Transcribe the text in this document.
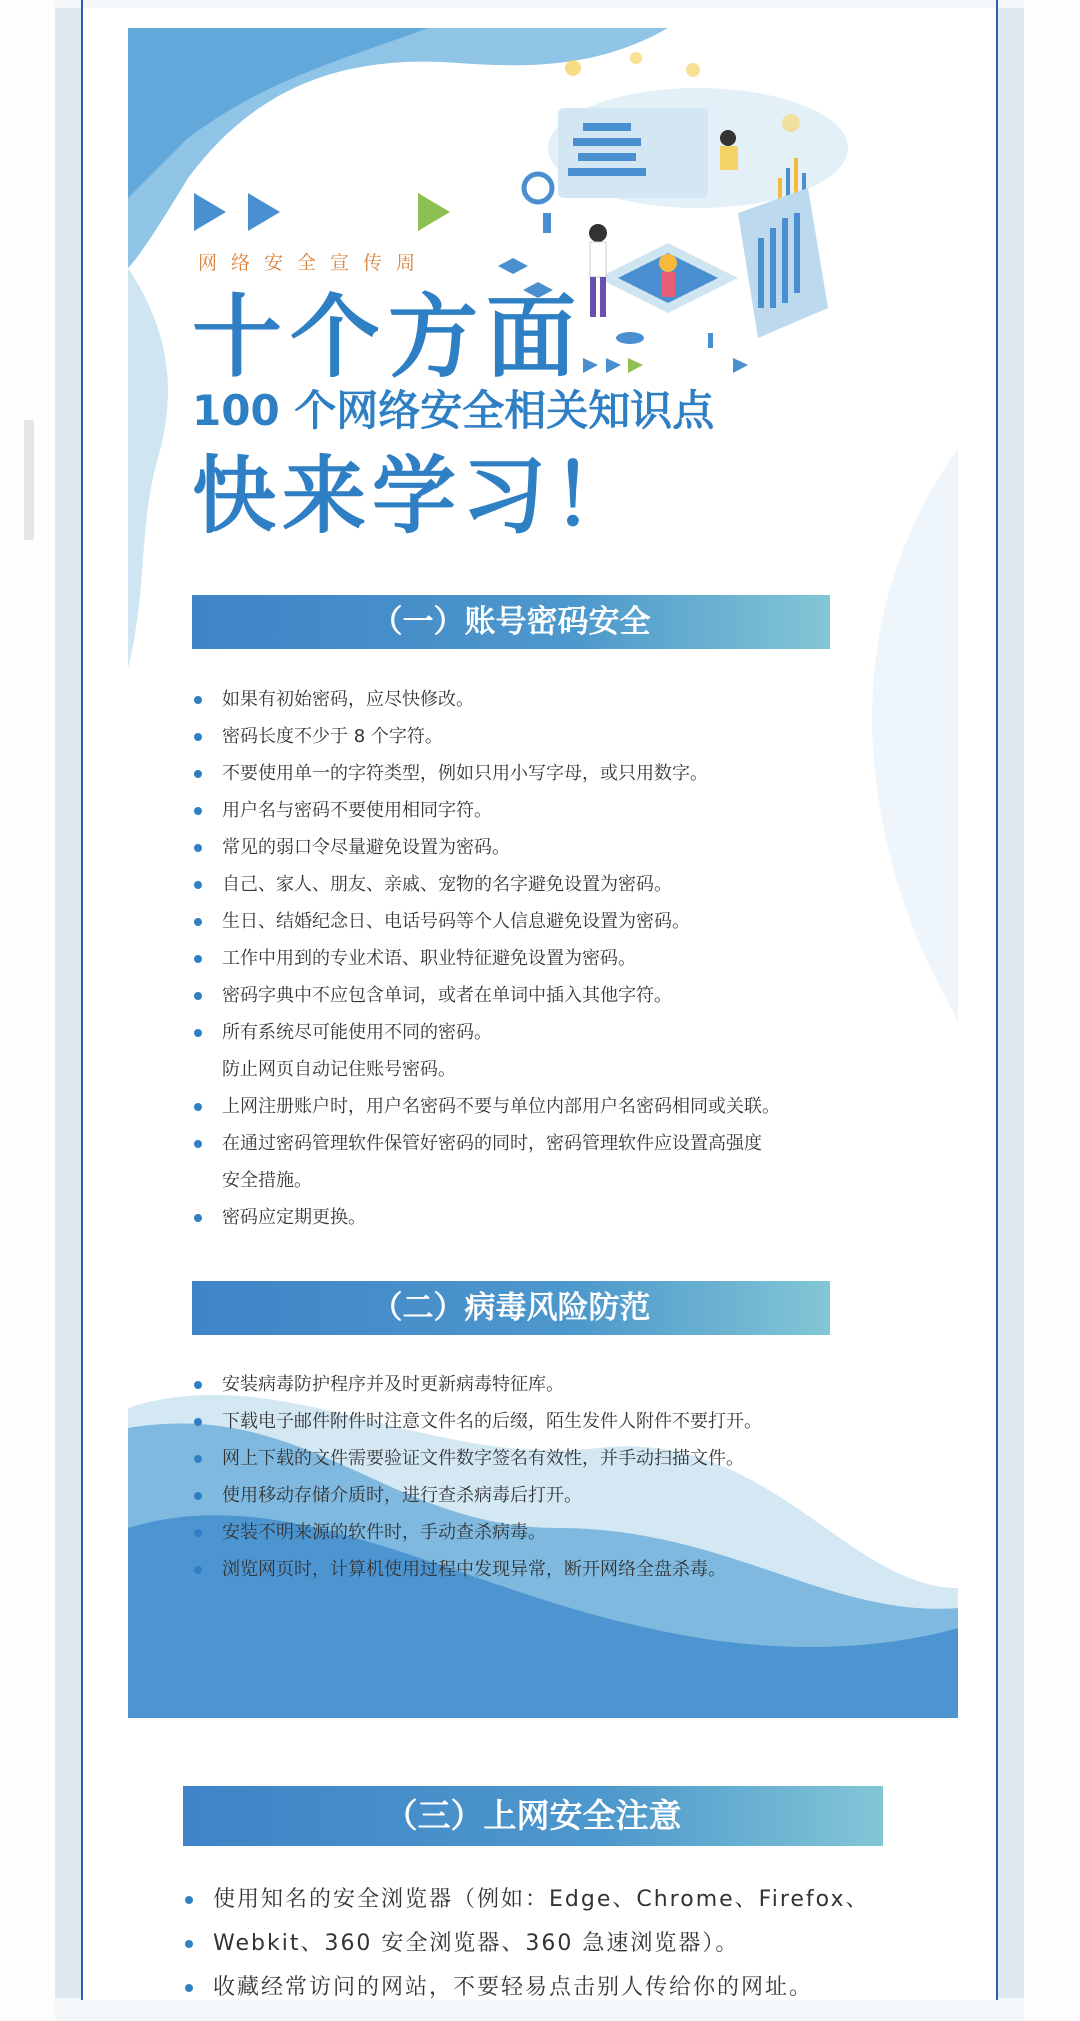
网络安全宣传周
十个方面
100 个网络安全相关知识点
快来学习！
（一）账号密码安全
如果有初始密码，应尽快修改。
密码长度不少于 8 个字符。
不要使用单一的字符类型，例如只用小写字母，或只用数字。
用户名与密码不要使用相同字符。
常见的弱口令尽量避免设置为密码。
自己、家人、朋友、亲戚、宠物的名字避免设置为密码。
生日、结婚纪念日、电话号码等个人信息避免设置为密码。
工作中用到的专业术语、职业特征避免设置为密码。
密码字典中不应包含单词，或者在单词中插入其他字符。
所有系统尽可能使用不同的密码。
防止网页自动记住账号密码。
上网注册账户时，用户名密码不要与单位内部用户名密码相同或关联。
在通过密码管理软件保管好密码的同时，密码管理软件应设置高强度
安全措施。
密码应定期更换。
（二）病毒风险防范
安装病毒防护程序并及时更新病毒特征库。
下载电子邮件附件时注意文件名的后缀，陌生发件人附件不要打开。
网上下载的文件需要验证文件数字签名有效性，并手动扫描文件。
使用移动存储介质时，进行查杀病毒后打开。
安装不明来源的软件时，手动查杀病毒。
浏览网页时，计算机使用过程中发现异常，断开网络全盘杀毒。
（三）上网安全注意
使用知名的安全浏览器（例如：Edge、Chrome、Firefox、
Webkit、360 安全浏览器、360 急速浏览器）。
收藏经常访问的网站，不要轻易点击别人传给你的网址。
